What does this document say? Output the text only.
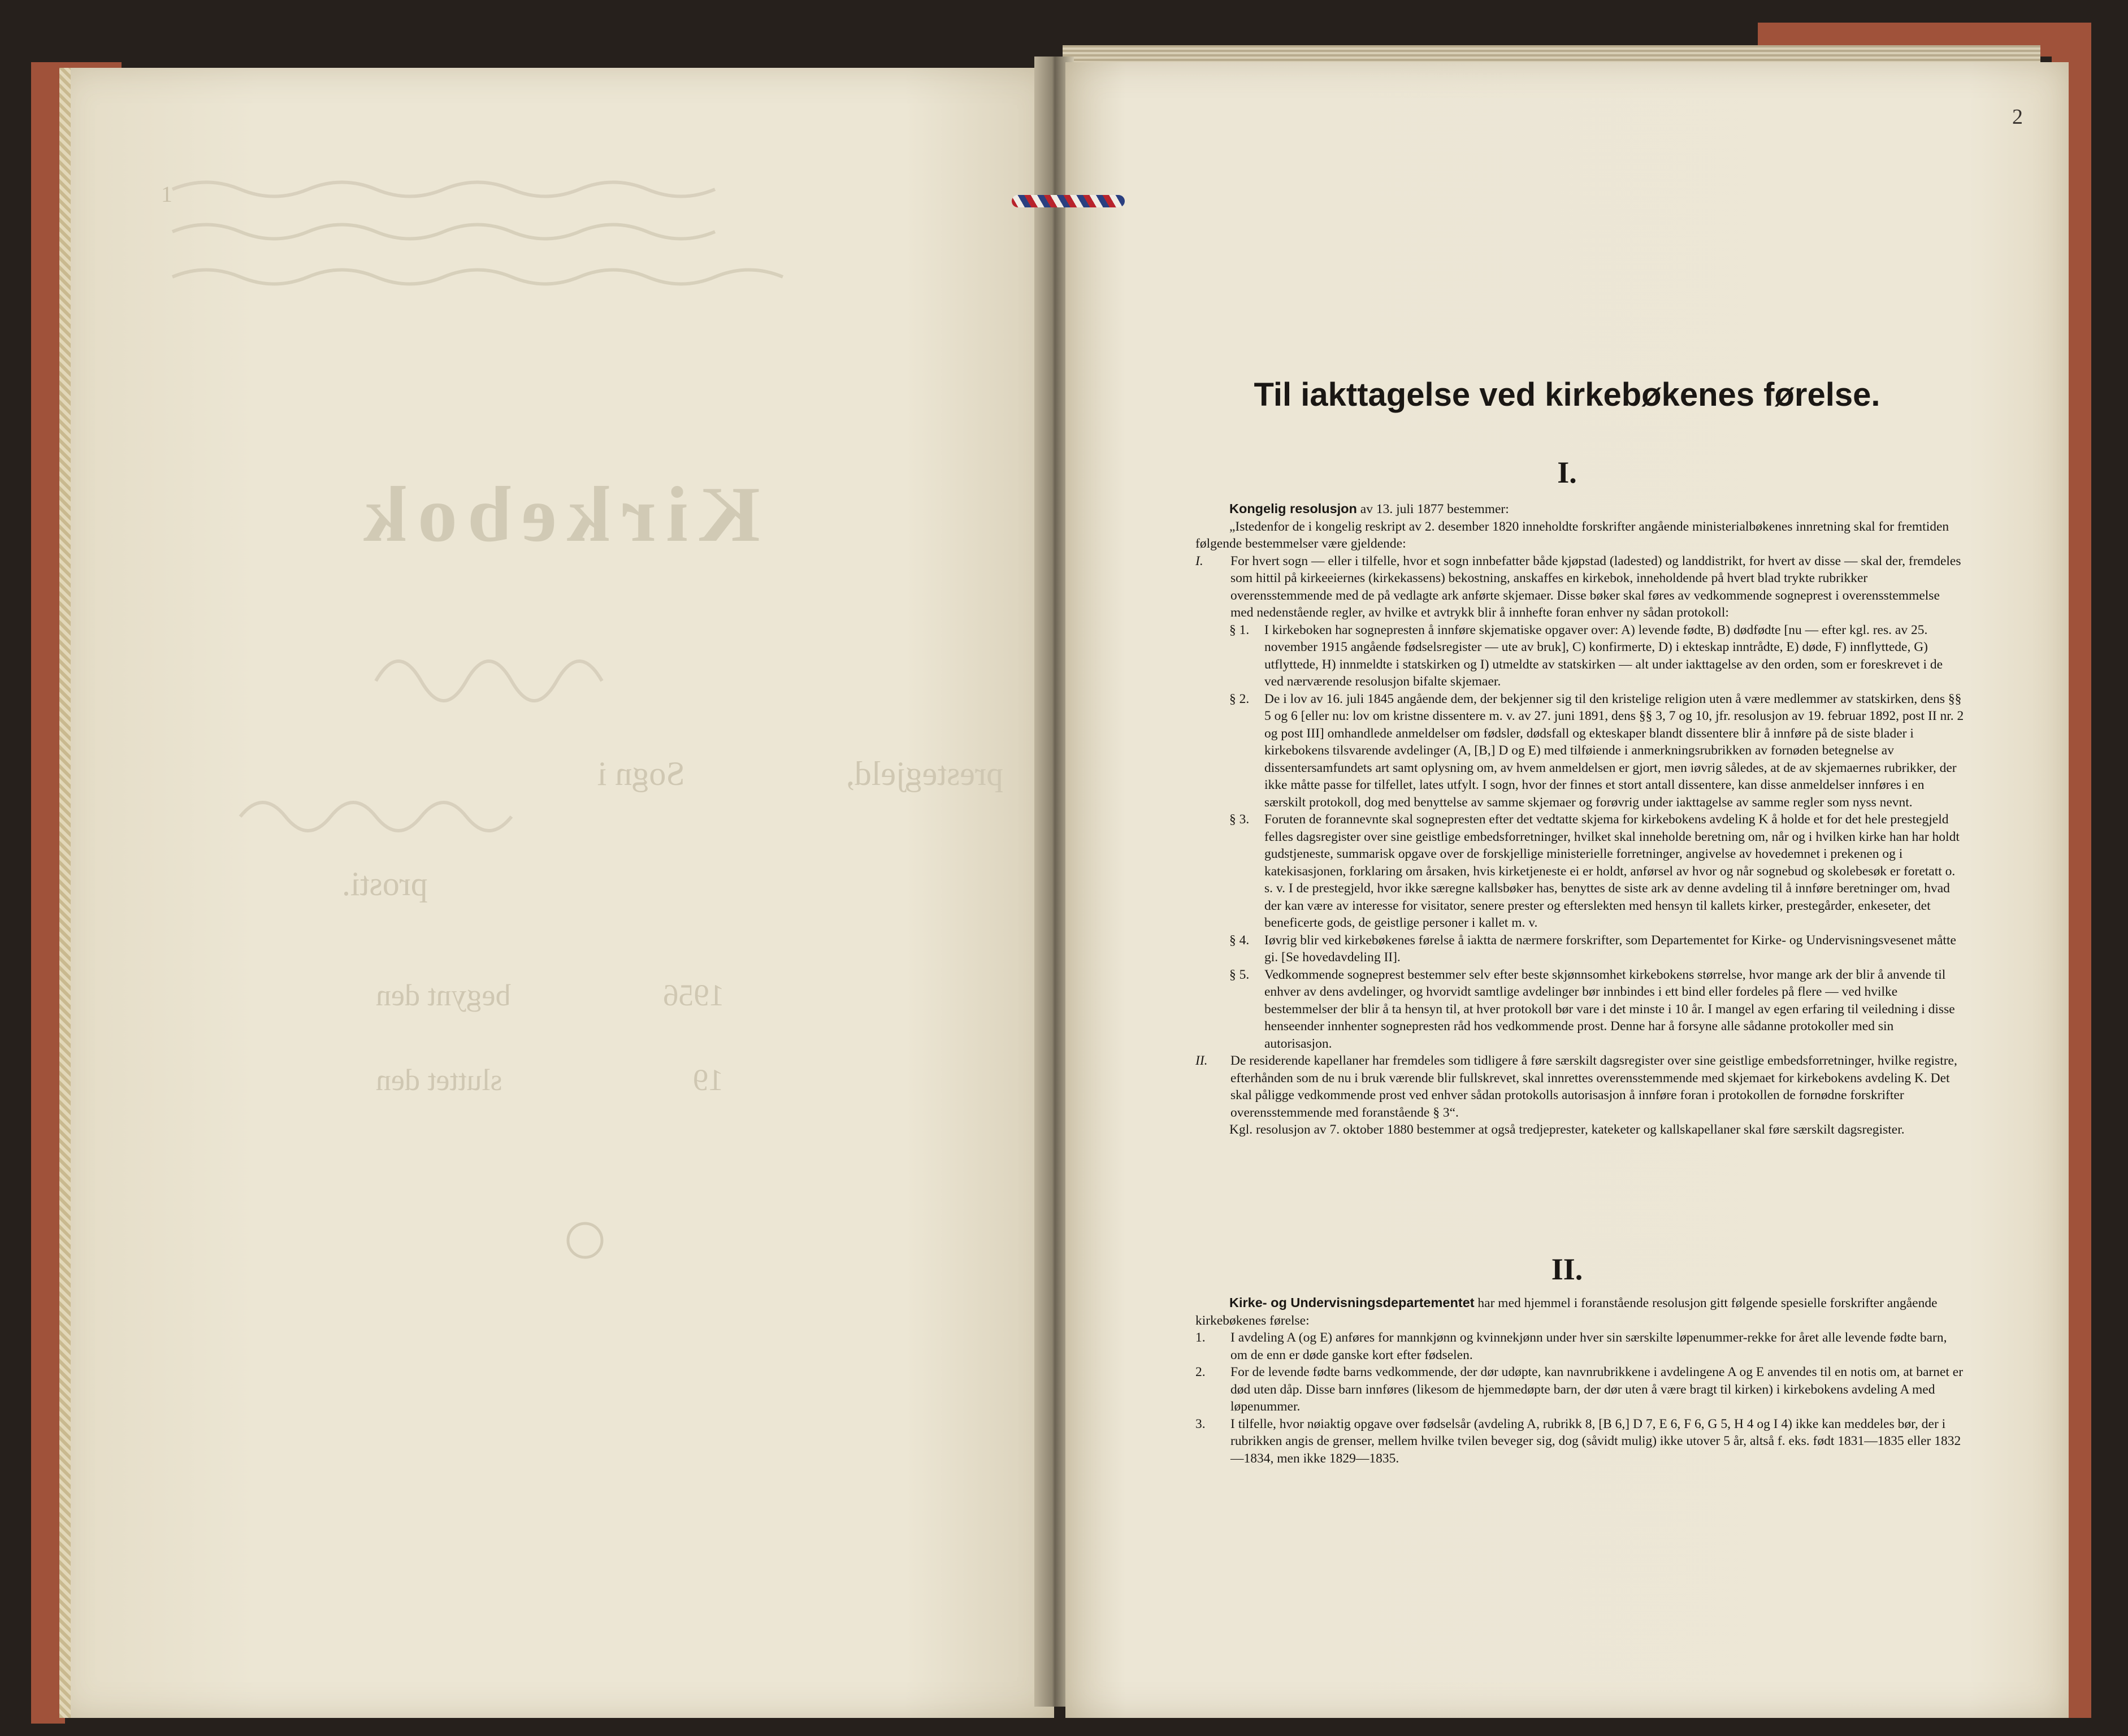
1
Kirkebok
prestegjeld,                   Sogn i
prosti.
1956                    begynt den
19                         sluttet den
2
Til iakttagelse ved kirkebøkenes førelse.
I.

Kongelig resolusjon av 13. juli 1877 bestemmer:

„Istedenfor de i kongelig reskript av 2. desember 1820 inneholdte forskrifter angående ministerialbøkenes innretning skal for fremtiden følgende bestemmelser være gjeldende:

I.	For hvert sogn — eller i tilfelle, hvor et sogn innbefatter både kjøpstad (ladested) og landdistrikt, for hvert av disse — skal der, fremdeles som hittil på kirkeeiernes (kirkekassens) bekostning, anskaffes en kirkebok, inneholdende på hvert blad trykte rubrikker overensstemmende med de på vedlagte ark anførte skjemaer. Disse bøker skal føres av vedkommende sogneprest i overensstemmelse med nedenstående regler, av hvilke et avtrykk blir å innhefte foran enhver ny sådan protokoll:
§ 1.	I kirkeboken har sognepresten å innføre skjematiske opgaver over: A) levende fødte, B) dødfødte [nu — efter kgl. res. av 25. november 1915 angående fødselsregister — ute av bruk], C) konfirmerte, D) i ekteskap inntrådte, E) døde, F) innflyttede, G) utflyttede, H) innmeldte i statskirken og I) utmeldte av statskirken — alt under iakttagelse av den orden, som er foreskrevet i de ved nærværende resolusjon bifalte skjemaer.
§ 2.	De i lov av 16. juli 1845 angående dem, der bekjenner sig til den kristelige religion uten å være medlemmer av statskirken, dens §§ 5 og 6 [eller nu: lov om kristne dissentere m. v. av 27. juni 1891, dens §§ 3, 7 og 10, jfr. resolusjon av 19. februar 1892, post II nr. 2 og post III] omhandlede anmeldelser om fødsler, dødsfall og ekteskaper blandt dissentere blir å innføre på de siste blader i kirkebokens tilsvarende avdelinger (A, [B,] D og E) med tilføiende i anmerkningsrubrikken av fornøden betegnelse av dissentersamfundets art samt oplysning om, av hvem anmeldelsen er gjort, men iøvrig således, at de av skjemaernes rubrikker, der ikke måtte passe for tilfellet, lates utfylt. I sogn, hvor der finnes et stort antall dissentere, kan disse anmeldelser innføres i en særskilt protokoll, dog med benyttelse av samme skjemaer og forøvrig under iakttagelse av samme regler som nyss nevnt.
§ 3.	Foruten de forannevnte skal sognepresten efter det vedtatte skjema for kirkebokens avdeling K å holde et for det hele prestegjeld felles dagsregister over sine geistlige embedsforretninger, hvilket skal inneholde beretning om, når og i hvilken kirke han har holdt gudstjeneste, summarisk opgave over de forskjellige ministerielle forretninger, angivelse av hovedemnet i prekenen og i katekisasjonen, forklaring om årsaken, hvis kirketjeneste ei er holdt, anførsel av hvor og når sognebud og skolebesøk er foretatt o. s. v. I de prestegjeld, hvor ikke særegne kallsbøker has, benyttes de siste ark av denne avdeling til å innføre beretninger om, hvad der kan være av interesse for visitator, senere prester og efterslekten med hensyn til kallets kirker, prestegårder, enkeseter, det beneficerte gods, de geistlige personer i kallet m. v.
§ 4.	Iøvrig blir ved kirkebøkenes førelse å iaktta de nærmere forskrifter, som Departementet for Kirke- og Undervisningsvesenet måtte gi. [Se hovedavdeling II].
§ 5.	Vedkommende sogneprest bestemmer selv efter beste skjønnsomhet kirkebokens størrelse, hvor mange ark der blir å anvende til enhver av dens avdelinger, og hvorvidt samtlige avdelinger bør innbindes i ett bind eller fordeles på flere — ved hvilke bestemmelser der blir å ta hensyn til, at hver protokoll bør vare i det minste i 10 år. I mangel av egen erfaring til veiledning i disse henseender innhenter sognepresten råd hos vedkommende prost. Denne har å forsyne alle sådanne protokoller med sin autorisasjon.
II.	De residerende kapellaner har fremdeles som tidligere å føre særskilt dagsregister over sine geistlige embedsforretninger, hvilke registre, efterhånden som de nu i bruk værende blir fullskrevet, skal innrettes overensstemmende med skjemaet for kirkebokens avdeling K. Det skal påligge vedkommende prost ved enhver sådan protokolls autorisasjon å innføre foran i protokollen de fornødne forskrifter overensstemmende med foranstående § 3“.

Kgl. resolusjon av 7. oktober 1880 bestemmer at også tredjeprester, kateketer og kallskapellaner skal føre særskilt dagsregister.

II.

Kirke- og Undervisningsdepartementet har med hjemmel i foranstående resolusjon gitt følgende spesielle forskrifter angående kirkebøkenes førelse:

1.	I avdeling A (og E) anføres for mannkjønn og kvinnekjønn under hver sin særskilte løpenummer-rekke for året alle levende fødte barn, om de enn er døde ganske kort efter fødselen.
2.	For de levende fødte barns vedkommende, der dør udøpte, kan navnrubrikkene i avdelingene A og E anvendes til en notis om, at barnet er død uten dåp. Disse barn innføres (likesom de hjemmedøpte barn, der dør uten å være bragt til kirken) i kirkebokens avdeling A med løpenummer.
3.	I tilfelle, hvor nøiaktig opgave over fødselsår (avdeling A, rubrikk 8, [B 6,] D 7, E 6, F 6, G 5, H 4 og I 4) ikke kan meddeles bør, der i rubrikken angis de grenser, mellem hvilke tvilen beveger sig, dog (såvidt mulig) ikke utover 5 år, altså f. eks. født 1831—1835 eller 1832—1834, men ikke 1829—1835.
